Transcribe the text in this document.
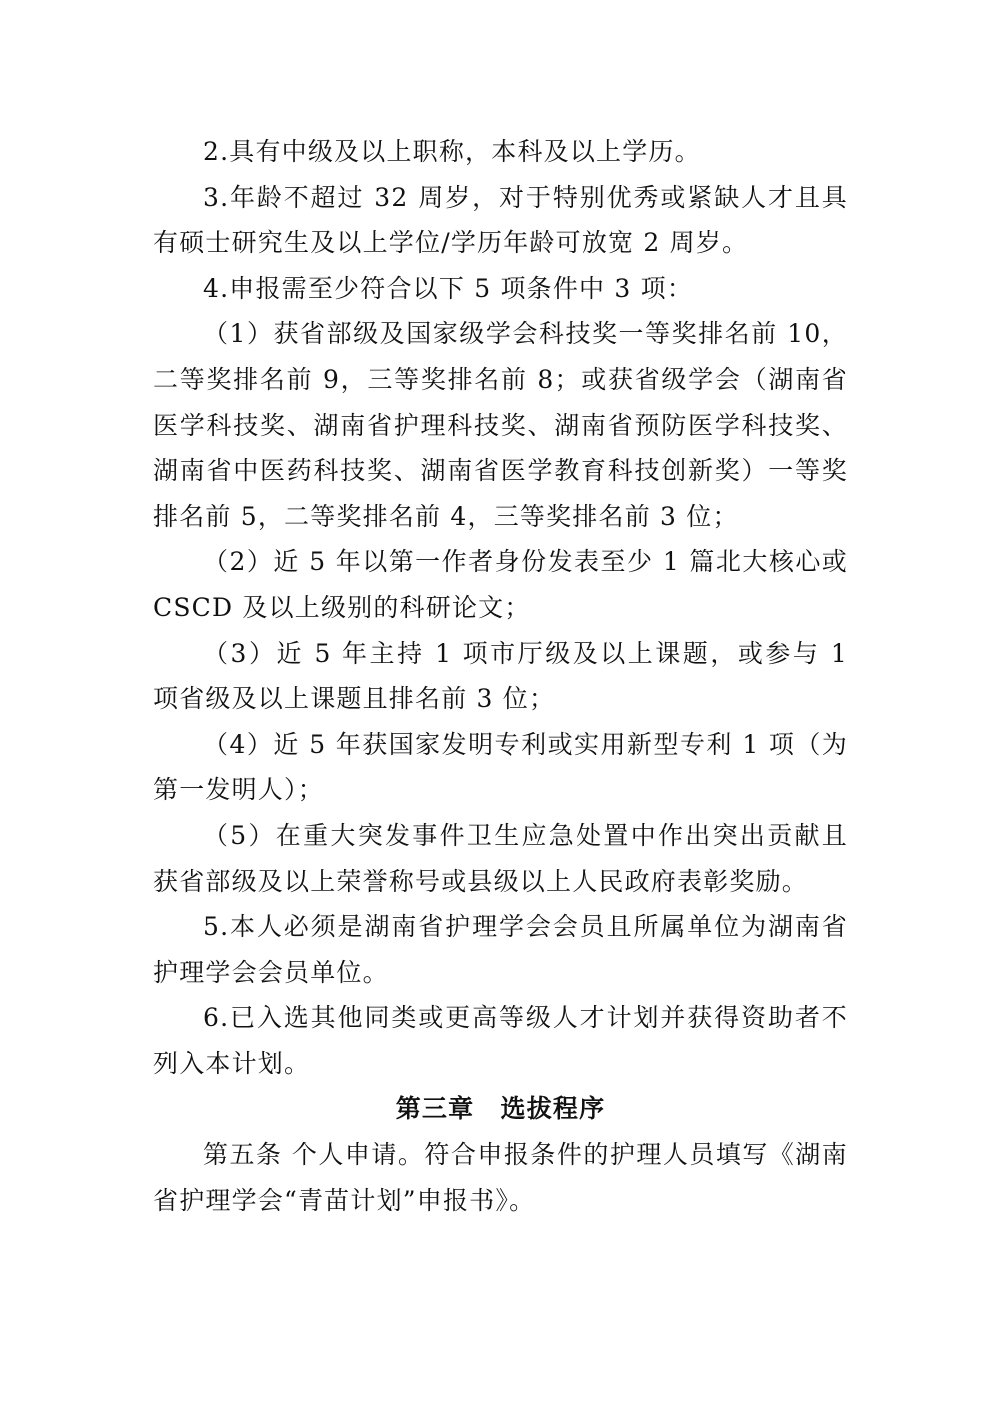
2.具有中级及以上职称，本科及以上学历。

3.年龄不超过 32 周岁，对于特别优秀或紧缺人才且具有硕士研究生及以上学位/学历年龄可放宽 2 周岁。

4.申报需至少符合以下 5 项条件中 3 项：

（1）获省部级及国家级学会科技奖一等奖排名前 10，二等奖排名前 9，三等奖排名前 8；或获省级学会（湖南省医学科技奖、湖南省护理科技奖、湖南省预防医学科技奖、湖南省中医药科技奖、湖南省医学教育科技创新奖）一等奖排名前 5，二等奖排名前 4，三等奖排名前 3 位；

（2）近 5 年以第一作者身份发表至少 1 篇北大核心或CSCD 及以上级别的科研论文；

（3）近 5 年主持 1 项市厅级及以上课题，或参与 1 项省级及以上课题且排名前 3 位；

（4）近 5 年获国家发明专利或实用新型专利 1 项（为第一发明人）；

（5）在重大突发事件卫生应急处置中作出突出贡献且获省部级及以上荣誉称号或县级以上人民政府表彰奖励。

5.本人必须是湖南省护理学会会员且所属单位为湖南省护理学会会员单位。

6.已入选其他同类或更高等级人才计划并获得资助者不列入本计划。

第三章　选拔程序

第五条 个人申请。符合申报条件的护理人员填写《湖南省护理学会“青苗计划”申报书》。
